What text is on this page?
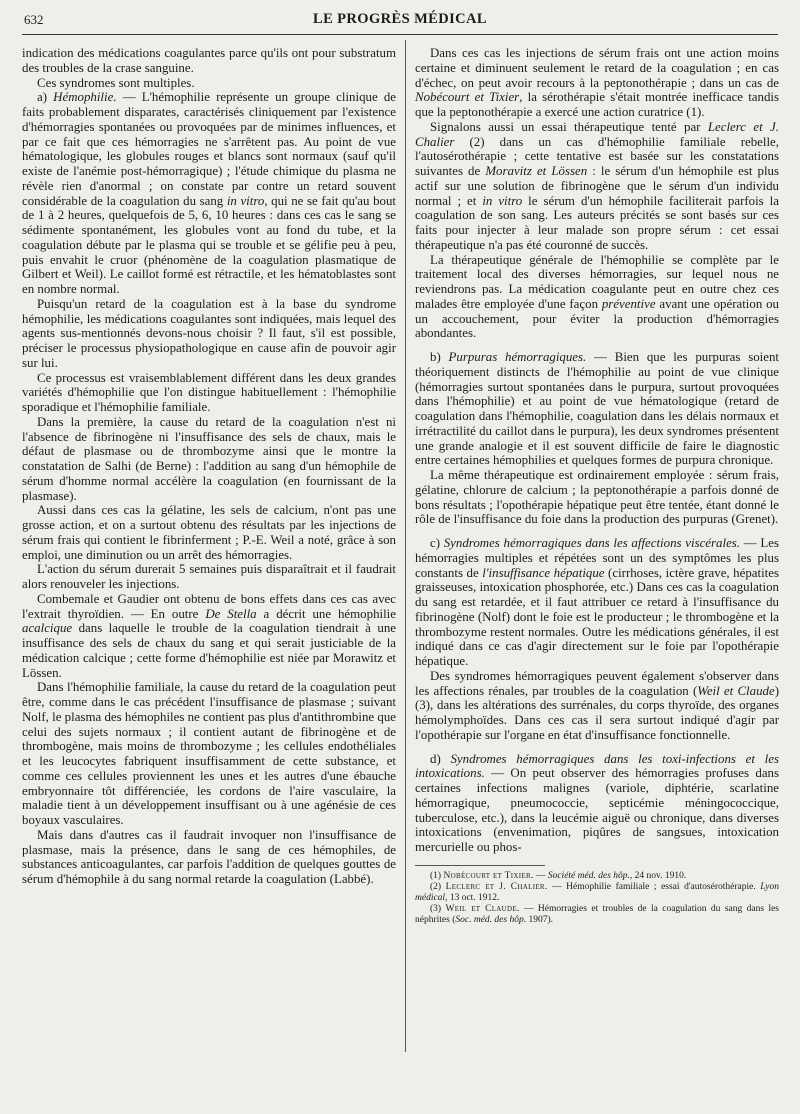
632	LE PROGRÈS MÉDICAL

indication des médications coagulantes parce qu'ils ont pour substratum des troubles de la crase sanguine.

Ces syndromes sont multiples.

a) Hémophilie. — L'hémophilie représente un groupe clinique de faits probablement disparates, caractérisés cliniquement par l'existence d'hémorragies spontanées ou provoquées par de minimes influences, et par ce fait que ces hémorragies ne s'arrêtent pas. Au point de vue hématologique, les globules rouges et blancs sont normaux (sauf qu'il existe de l'anémie post-hémorragique) ; l'étude chimique du plasma ne révèle rien d'anormal ; on constate par contre un retard souvent considérable de la coagulation du sang in vitro, qui ne se fait qu'au bout de 1 à 2 heures, quelquefois de 5, 6, 10 heures : dans ces cas le sang se sédimente spontanément, les globules vont au fond du tube, et la coagulation débute par le plasma qui se trouble et se gélifie peu à peu, puis envahit le cruor (phénomène de la coagulation plasmatique de Gilbert et Weil). Le caillot formé est rétractile, et les hématoblastes sont en nombre normal.

Puisqu'un retard de la coagulation est à la base du syndrome hémophilie, les médications coagulantes sont indiquées, mais lequel des agents sus-mentionnés devons-nous choisir ? Il faut, s'il est possible, préciser le processus physiopathologique en cause afin de pouvoir agir sur lui.

Ce processus est vraisemblablement différent dans les deux grandes variétés d'hémophilie que l'on distingue habituellement : l'hémophilie sporadique et l'hémophilie familiale.

Dans la première, la cause du retard de la coagulation n'est ni l'absence de fibrinogène ni l'insuffisance des sels de chaux, mais le défaut de plasmase ou de thrombozyme ainsi que le montre la constatation de Salhi (de Berne) : l'addition au sang d'un hémophile de sérum d'homme normal accélère la coagulation (en fournissant de la plasmase).

Aussi dans ces cas la gélatine, les sels de calcium, n'ont pas une grosse action, et on a surtout obtenu des résultats par les injections de sérum frais qui contient le fibrinferment ; P.-E. Weil a noté, grâce à son emploi, une diminution ou un arrêt des hémorragies.

L'action du sérum durerait 5 semaines puis disparaîtrait et il faudrait alors renouveler les injections.

Combemale et Gaudier ont obtenu de bons effets dans ces cas avec l'extrait thyroïdien. — En outre De Stella a décrit une hémophilie acalcique dans laquelle le trouble de la coagulation tiendrait à une insuffisance des sels de chaux du sang et qui serait justiciable de la médication calcique ; cette forme d'hémophilie est niée par Morawitz et Lössen.

Dans l'hémophilie familiale, la cause du retard de la coagulation peut être, comme dans le cas précédent l'insuffisance de plasmase ; suivant Nolf, le plasma des hémophiles ne contient pas plus d'antithrombine que celui des sujets normaux ; il contient autant de fibrinogène et de thrombogène, mais moins de thrombozyme ; les cellules endothéliales et les leucocytes fabriquent insuffisamment de cette substance, et comme ces cellules proviennent les unes et les autres d'une ébauche embryonnaire tôt différenciée, les cordons de l'aire vasculaire, la maladie tient à un développement insuffisant ou à une agénésie de ces boyaux vasculaires.

Mais dans d'autres cas il faudrait invoquer non l'insuffisance de plasmase, mais la présence, dans le sang de ces hémophiles, de substances anticoagulantes, car parfois l'addition de quelques gouttes de sérum d'hémophile à du sang normal retarde la coagulation (Labbé).

Dans ces cas les injections de sérum frais ont une action moins certaine et diminuent seulement le retard de la coagulation ; en cas d'échec, on peut avoir recours à la peptonothérapie ; dans un cas de Nobécourt et Tixier, la sérothérapie s'était montrée inefficace tandis que la peptonothérapie a exercé une action curatrice (1).

Signalons aussi un essai thérapeutique tenté par Leclerc et J. Chalier (2) dans un cas d'hémophilie familiale rebelle, l'autosérothérapie ; cette tentative est basée sur les constatations suivantes de Moravitz et Lössen : le sérum d'un hémophile est plus actif sur une solution de fibrinogène que le sérum d'un individu normal ; et in vitro le sérum d'un hémophile faciliterait parfois la coagulation de son sang. Les auteurs précités se sont basés sur ces faits pour injecter à leur malade son propre sérum : cet essai thérapeutique n'a pas été couronné de succès.

La thérapeutique générale de l'hémophilie se complète par le traitement local des diverses hémorragies, sur lequel nous ne reviendrons pas. La médication coagulante peut en outre chez ces malades être employée d'une façon préventive avant une opération ou un accouchement, pour éviter la production d'hémorragies abondantes.

b) Purpuras hémorragiques. — Bien que les purpuras soient théoriquement distincts de l'hémophilie au point de vue clinique (hémorragies surtout spontanées dans le purpura, surtout provoquées dans l'hémophilie) et au point de vue hématologique (retard de coagulation dans l'hémophilie, coagulation dans les délais normaux et irrétractilité du caillot dans le purpura), les deux syndromes présentent une grande analogie et il est souvent difficile de faire le diagnostic entre certaines hémophilies et quelques formes de purpura chronique.

La même thérapeutique est ordinairement employée : sérum frais, gélatine, chlorure de calcium ; la peptonothérapie a parfois donné de bons résultats ; l'opothérapie hépatique peut être tentée, étant donné le rôle de l'insuffisance du foie dans la production des purpuras (Grenet).

c) Syndromes hémorragiques dans les affections viscérales. — Les hémorragies multiples et répétées sont un des symptômes les plus constants de l'insuffisance hépatique (cirrhoses, ictère grave, hépatites graisseuses, intoxication phosphorée, etc.) Dans ces cas la coagulation du sang est retardée, et il faut attribuer ce retard à l'insuffisance du fibrinogène (Nolf) dont le foie est le producteur ; le thrombogène et la thrombozyme restent normales. Outre les médications générales, il est indiqué dans ce cas d'agir directement sur le foie par l'opothérapie hépatique.

Des syndromes hémorragiques peuvent également s'observer dans les affections rénales, par troubles de la coagulation (Weil et Claude) (3), dans les altérations des surrénales, du corps thyroïde, des organes hémolymphoïdes. Dans ces cas il sera surtout indiqué d'agir par l'opothérapie sur l'organe en état d'insuffisance fonctionnelle.

d) Syndromes hémorragiques dans les toxi-infections et les intoxications. — On peut observer des hémorragies profuses dans certaines infections malignes (variole, diphtérie, scarlatine hémorragique, pneumococcie, septicémie méningococcique, tuberculose, etc.), dans la leucémie aiguë ou chronique, dans diverses intoxications (envenimation, piqûres de sangsues, intoxication mercurielle ou phos-

(1) Nobécourt et Tixier. — Société méd. des hôp., 24 nov. 1910.

(2) Leclerc et J. Chalier. — Hémophilie familiale ; essai d'autosérothérapie. Lyon médical, 13 oct. 1912.

(3) Weil et Claude. — Hémorragies et troubles de la coagulation du sang dans les néphrites (Soc. méd. des hôp. 1907).
